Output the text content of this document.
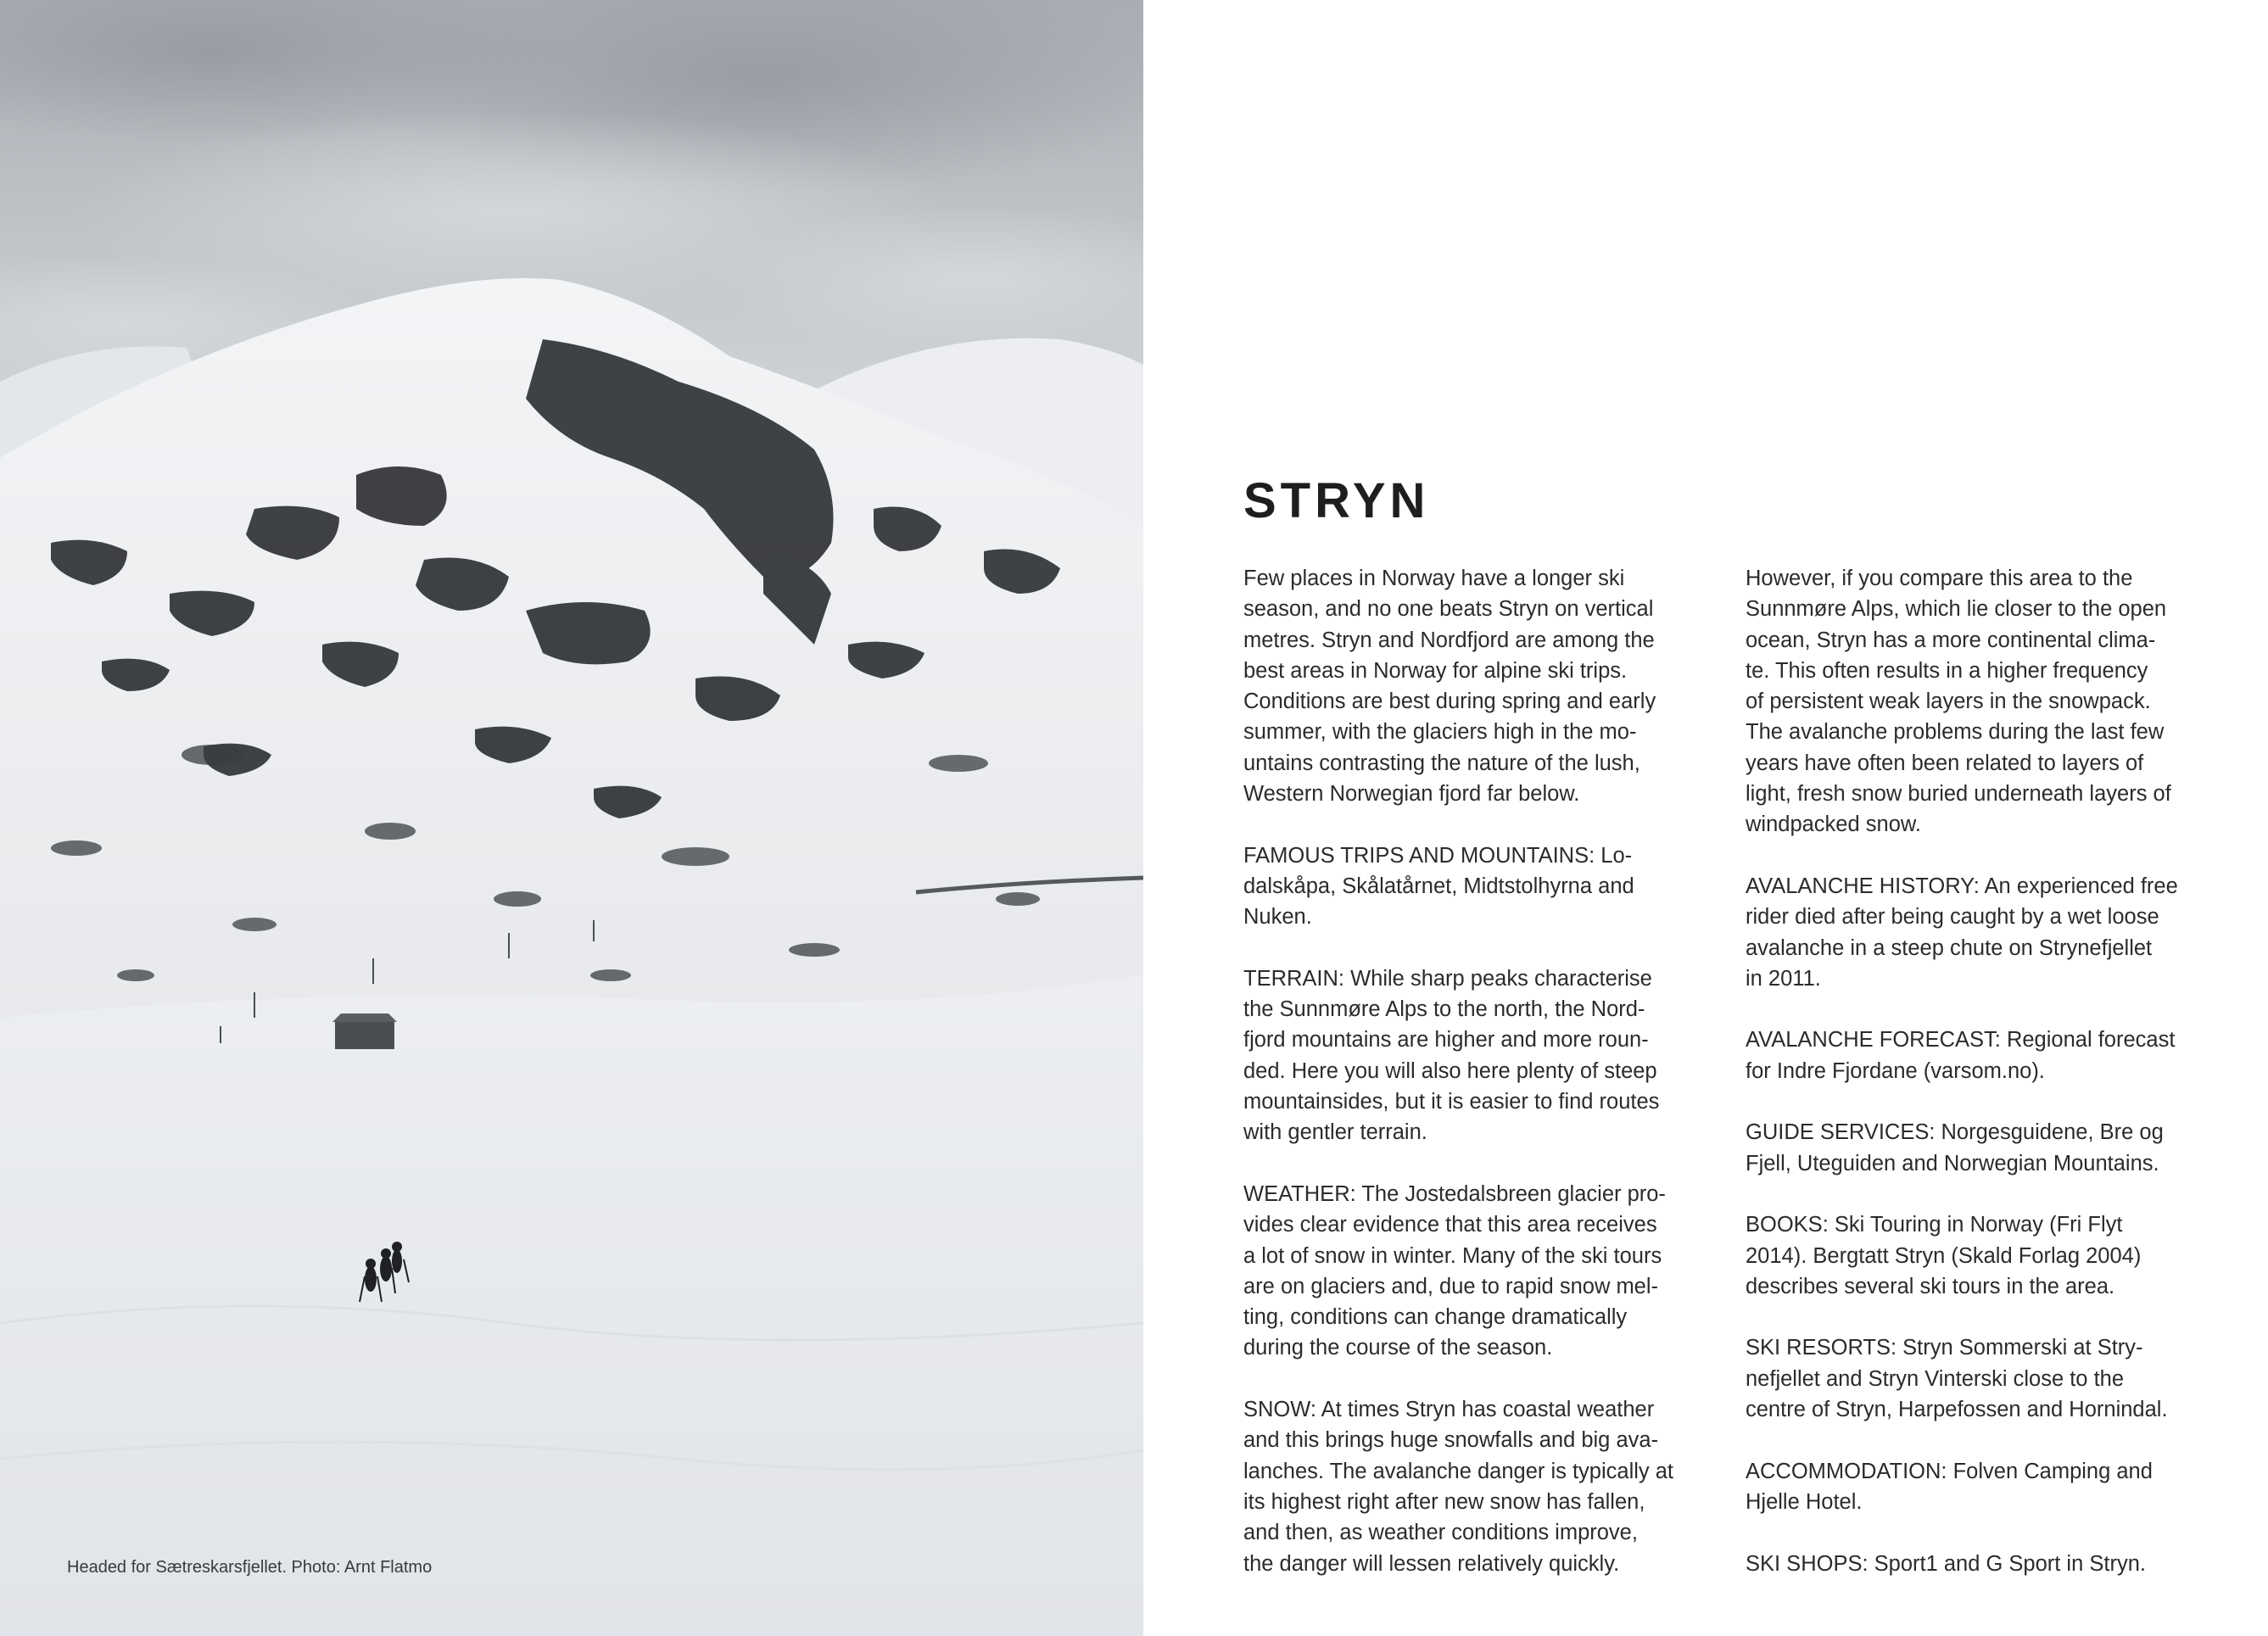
Headed for Sætreskarsfjellet. Photo: Arnt Flatmo
STRYN

Few places in Norway have a longer ski
season, and no one beats Stryn on vertical
metres. Stryn and Nordfjord are among the
best areas in Norway for alpine ski trips.
Conditions are best during spring and early
summer, with the glaciers high in the mo-
untains contrasting the nature of the lush,
Western Norwegian fjord far below.

FAMOUS TRIPS AND MOUNTAINS: Lo-
dalskåpa, Skålatårnet, Midtstolhyrna and
Nuken.

TERRAIN: While sharp peaks characterise
the Sunnmøre Alps to the north, the Nord-
fjord mountains are higher and more roun-
ded. Here you will also here plenty of steep
mountainsides, but it is easier to find routes
with gentler terrain.

WEATHER: The Jostedalsbreen glacier pro-
vides clear evidence that this area receives
a lot of snow in winter. Many of the ski tours
are on glaciers and, due to rapid snow mel-
ting, conditions can change dramatically
during the course of the season.

SNOW: At times Stryn has coastal weather
and this brings huge snowfalls and big ava-
lanches. The avalanche danger is typically at
its highest right after new snow has fallen,
and then, as weather conditions improve,
the danger will lessen relatively quickly.

However, if you compare this area to the
Sunnmøre Alps, which lie closer to the open
ocean, Stryn has a more continental clima-
te. This often results in a higher frequency
of persistent weak layers in the snowpack.
The avalanche problems during the last few
years have often been related to layers of
light, fresh snow buried underneath layers of
windpacked snow.

AVALANCHE HISTORY: An experienced free
rider died after being caught by a wet loose
avalanche in a steep chute on Strynefjellet
in 2011.

AVALANCHE FORECAST: Regional forecast
for Indre Fjordane (varsom.no).

GUIDE SERVICES: Norgesguidene, Bre og
Fjell, Uteguiden and Norwegian Mountains.

BOOKS: Ski Touring in Norway (Fri Flyt
2014). Bergtatt Stryn (Skald Forlag 2004)
describes several ski tours in the area.

SKI RESORTS: Stryn Sommerski at Stry-
nefjellet and Stryn Vinterski close to the
centre of Stryn, Harpefossen and Hornindal.

ACCOMMODATION: Folven Camping and
Hjelle Hotel.

SKI SHOPS: Sport1 and G Sport in Stryn.
